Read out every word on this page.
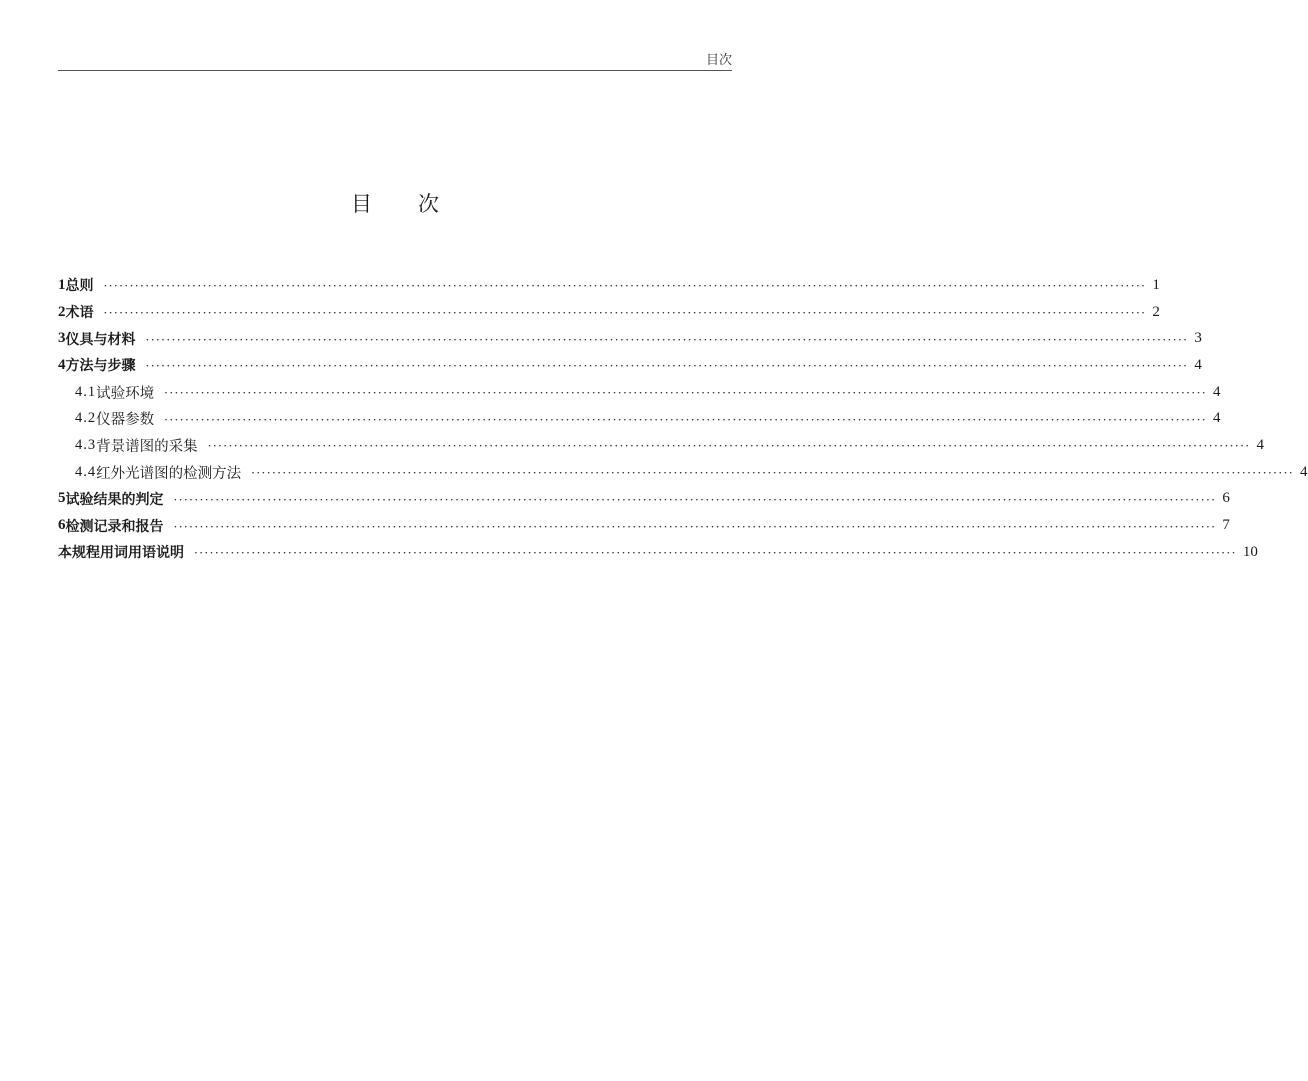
目次
目 次
1 总则 ········································································································································································································ 1
2 术语 ········································································································································································································ 2
3 仪具与材料 ········································································································································································································ 3
4 方法与步骤 ········································································································································································································ 4
4.1 试验环境 ········································································································································································································ 4
4.2 仪器参数 ········································································································································································································ 4
4.3 背景谱图的采集 ········································································································································································································ 4
4.4 红外光谱图的检测方法 ········································································································································································································ 4
5 试验结果的判定 ········································································································································································································ 6
6 检测记录和报告 ········································································································································································································ 7
本规程用词用语说明 ········································································································································································································ 10
